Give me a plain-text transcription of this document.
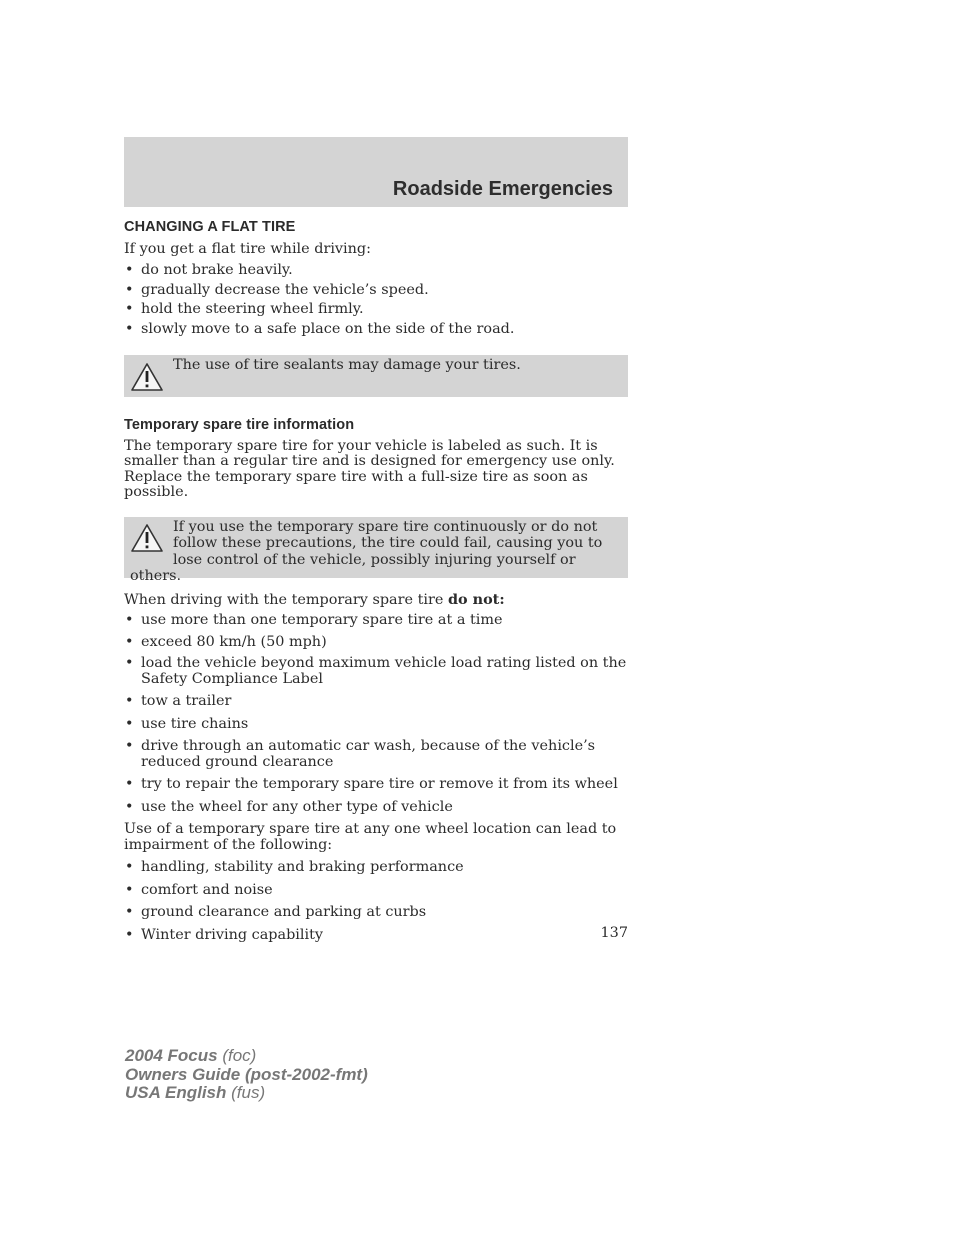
Roadside Emergencies
CHANGING A FLAT TIRE

If you get a flat tire while driving:

• do not brake heavily.
• gradually decrease the vehicle’s speed.
• hold the steering wheel firmly.
• slowly move to a safe place on the side of the road.
The use of tire sealants may damage your tires.
Temporary spare tire information

The temporary spare tire for your vehicle is labeled as such. It is smaller than a regular tire and is designed for emergency use only. Replace the temporary spare tire with a full-size tire as soon as possible.

If you use the temporary spare tire continuously or do not follow these precautions, the tire could fail, causing you to lose control of the vehicle, possibly injuring yourself or others.

When driving with the temporary spare tire do not:

• use more than one temporary spare tire at a time
• exceed 80 km/h (50 mph)
• load the vehicle beyond maximum vehicle load rating listed on the Safety Compliance Label
• tow a trailer
• use tire chains
• drive through an automatic car wash, because of the vehicle’s reduced ground clearance
• try to repair the temporary spare tire or remove it from its wheel
• use the wheel for any other type of vehicle

Use of a temporary spare tire at any one wheel location can lead to impairment of the following:

• handling, stability and braking performance
• comfort and noise
• ground clearance and parking at curbs
• Winter driving capability	137
2004 Focus (foc)
Owners Guide (post-2002-fmt)
USA English (fus)
